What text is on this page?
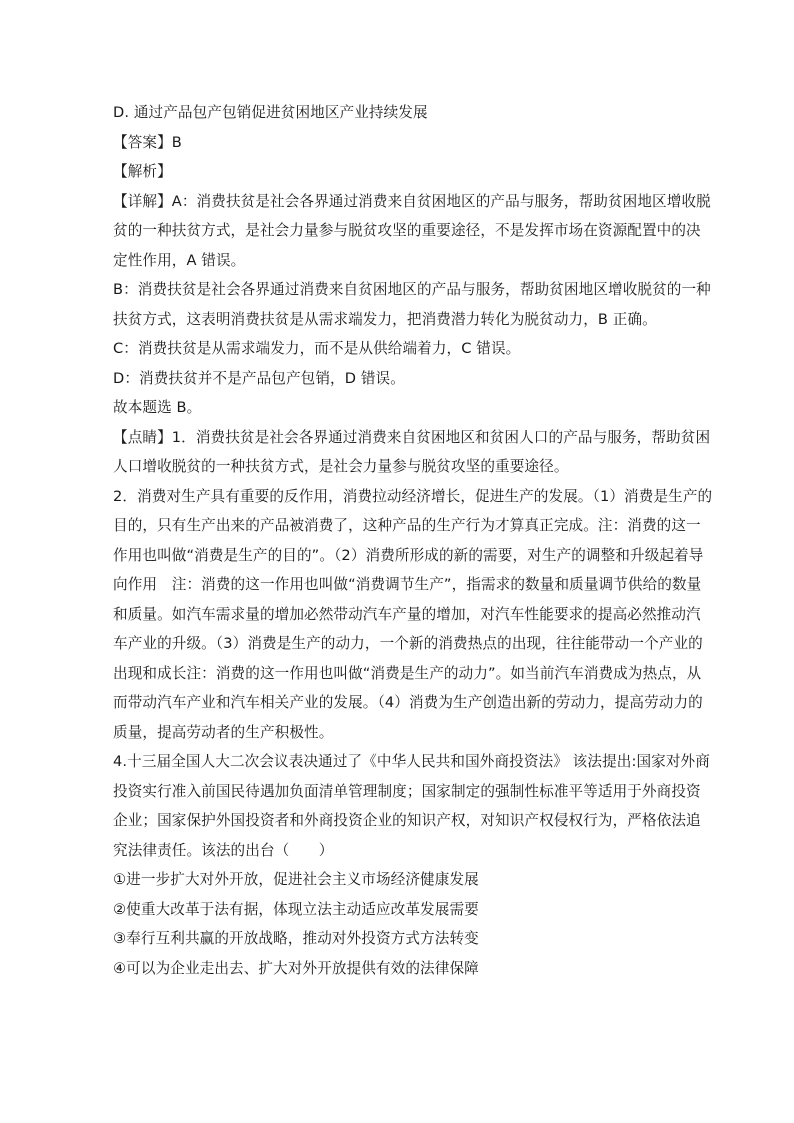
D. 通过产品包产包销促进贫困地区产业持续发展
【答案】B
【解析】
【详解】A：消费扶贫是社会各界通过消费来自贫困地区的产品与服务，帮助贫困地区增收脱
贫的一种扶贫方式，是社会力量参与脱贫攻坚的重要途径，不是发挥市场在资源配置中的决
定性作用，A 错误。
B：消费扶贫是社会各界通过消费来自贫困地区的产品与服务，帮助贫困地区增收脱贫的一种
扶贫方式，这表明消费扶贫是从需求端发力，把消费潜力转化为脱贫动力，B 正确。
C：消费扶贫是从需求端发力，而不是从供给端着力，C 错误。
D：消费扶贫并不是产品包产包销，D 错误。
故本题选 B。
【点睛】1．消费扶贫是社会各界通过消费来自贫困地区和贫困人口的产品与服务，帮助贫困
人口增收脱贫的一种扶贫方式，是社会力量参与脱贫攻坚的重要途径。
2．消费对生产具有重要的反作用，消费拉动经济增长，促进生产的发展。（1）消费是生产的
目的，只有生产出来的产品被消费了，这种产品的生产行为才算真正完成。注：消费的这一
作用也叫做“消费是生产的目的”。（2）消费所形成的新的需要，对生产的调整和升级起着导
向作用　注：消费的这一作用也叫做“消费调节生产”，指需求的数量和质量调节供给的数量
和质量。如汽车需求量的增加必然带动汽车产量的增加，对汽车性能要求的提高必然推动汽
车产业的升级。（3）消费是生产的动力，一个新的消费热点的出现，往往能带动一个产业的
出现和成长注：消费的这一作用也叫做“消费是生产的动力”。如当前汽车消费成为热点，从
而带动汽车产业和汽车相关产业的发展。（4）消费为生产创造出新的劳动力，提高劳动力的
质量，提高劳动者的生产积极性。
4.十三届全国人大二次会议表决通过了《中华人民共和国外商投资法》 该法提出:国家对外商
投资实行准入前国民待遇加负面清单管理制度；国家制定的强制性标准平等适用于外商投资
企业；国家保护外国投资者和外商投资企业的知识产权，对知识产权侵权行为，严格依法追
究法律责任。该法的出台（　　）
①进一步扩大对外开放，促进社会主义市场经济健康发展
②使重大改革于法有据，体现立法主动适应改革发展需要
③奉行互利共赢的开放战略，推动对外投资方式方法转变
④可以为企业走出去、扩大对外开放提供有效的法律保障
